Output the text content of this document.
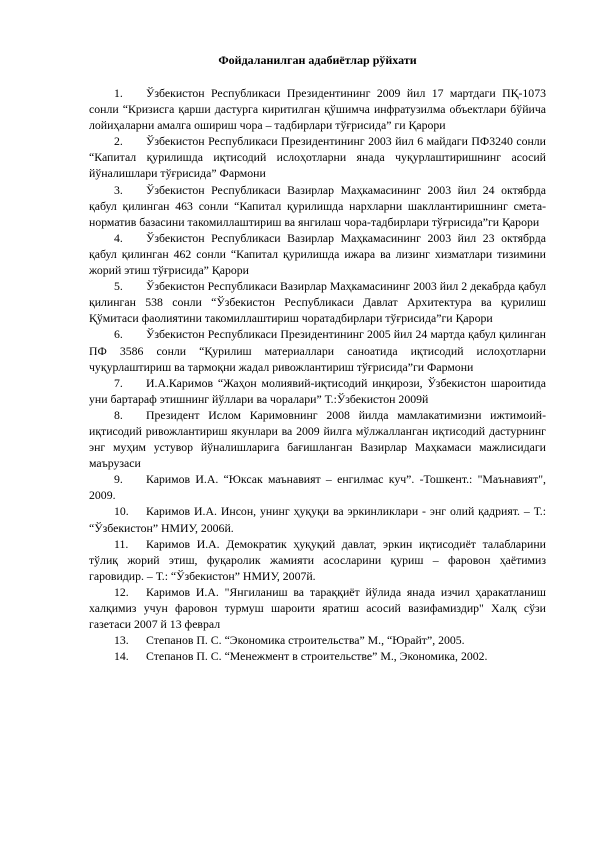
Фойдаланилган адабиётлар рўйхати
1. Ўзбекистон Республикаси Президентининг 2009 йил 17 мартдаги ПҚ-1073 сонли “Кризисга қарши дастурга киритилган қўшимча инфратузилма объектлари бўйича лойиҳаларни амалга ошириш чора – тадбирлари тўғрисида” ги Қарори
2. Ўзбекистон Республикаси Президентининг 2003 йил 6 майдаги ПФ3240 сонли “Капитал қурилишда иқтисодий ислоҳотларни янада чуқурлаштиришнинг асосий йўналишлари тўғрисида” Фармони
3. Ўзбекистон Республикаси Вазирлар Маҳкамасининг 2003 йил 24 октябрда қабул қилинган 463 сонли “Капитал қурилишда нархларни шакллантиришнинг смета-норматив базасини такомиллаштириш ва янгилаш чора-тадбирлари тўғрисида”ги Қарори
4. Ўзбекистон Республикаси Вазирлар Маҳкамасининг 2003 йил 23 октябрда қабул қилинган 462 сонли “Капитал қурилишда ижара ва лизинг хизматлари тизимини жорий этиш тўғрисида” Қарори
5. Ўзбекистон Республикаси Вазирлар Маҳкамасининг 2003 йил 2 декабрда қабул қилинган 538 сонли “Ўзбекистон Республикаси Давлат Архитектура ва қурилиш Қўмитаси фаолиятини такомиллаштириш чоратадбирлари тўғрисида”ги Қарори
6. Ўзбекистон Республикаси Президентининг 2005 йил 24 мартда қабул қилинган ПФ 3586 сонли “Қурилиш материаллари саноатида иқтисодий ислоҳотларни чуқурлаштириш ва тармоқни жадал ривожлантириш тўғрисида”ги Фармони
7. И.А.Каримов “Жаҳон молиявий-иқтисодий инқирози, Ўзбекистон шароитида уни бартараф этишнинг йўллари ва чоралари” Т.:Ўзбекистон 2009й
8. Президент Ислом Каримовнинг 2008 йилда мамлакатимизни ижтимоий-иқтисодий ривожлантириш якунлари ва 2009 йилга мўлжалланган иқтисодий дастурнинг энг муҳим устувор йўналишларига бағишланган Вазирлар Маҳкамаси мажлисидаги маърузаси
9. Каримов И.А. “Юксак маънавият – енгилмас куч”. -Тошкент.: "Маънавият", 2009.
10. Каримов И.А. Инсон, унинг ҳуқуқи ва эркинликлари - энг олий қадрият. – Т.: “Ўзбекистон” НМИУ, 2006й.
11. Каримов И.А. Демократик ҳуқуқий давлат, эркин иқтисодиёт талабларини тўлиқ жорий этиш, фуқаролик жамияти асосларини қуриш – фаровон ҳаётимиз гаровидир. – Т.: “Ўзбекистон” НМИУ, 2007й.
12. Каримов И.А. "Янгиланиш ва тараққиёт йўлида янада изчил ҳаракатланиш халқимиз учун фаровон турмуш шароити яратиш асосий вазифамиздир" Халқ сўзи газетаси 2007 й 13 феврал
13. Степанов П. С. “Экономика строительства” М., “Юрайт”, 2005.
14. Степанов П. С. “Менежмент в строительстве” М., Экономика, 2002.
